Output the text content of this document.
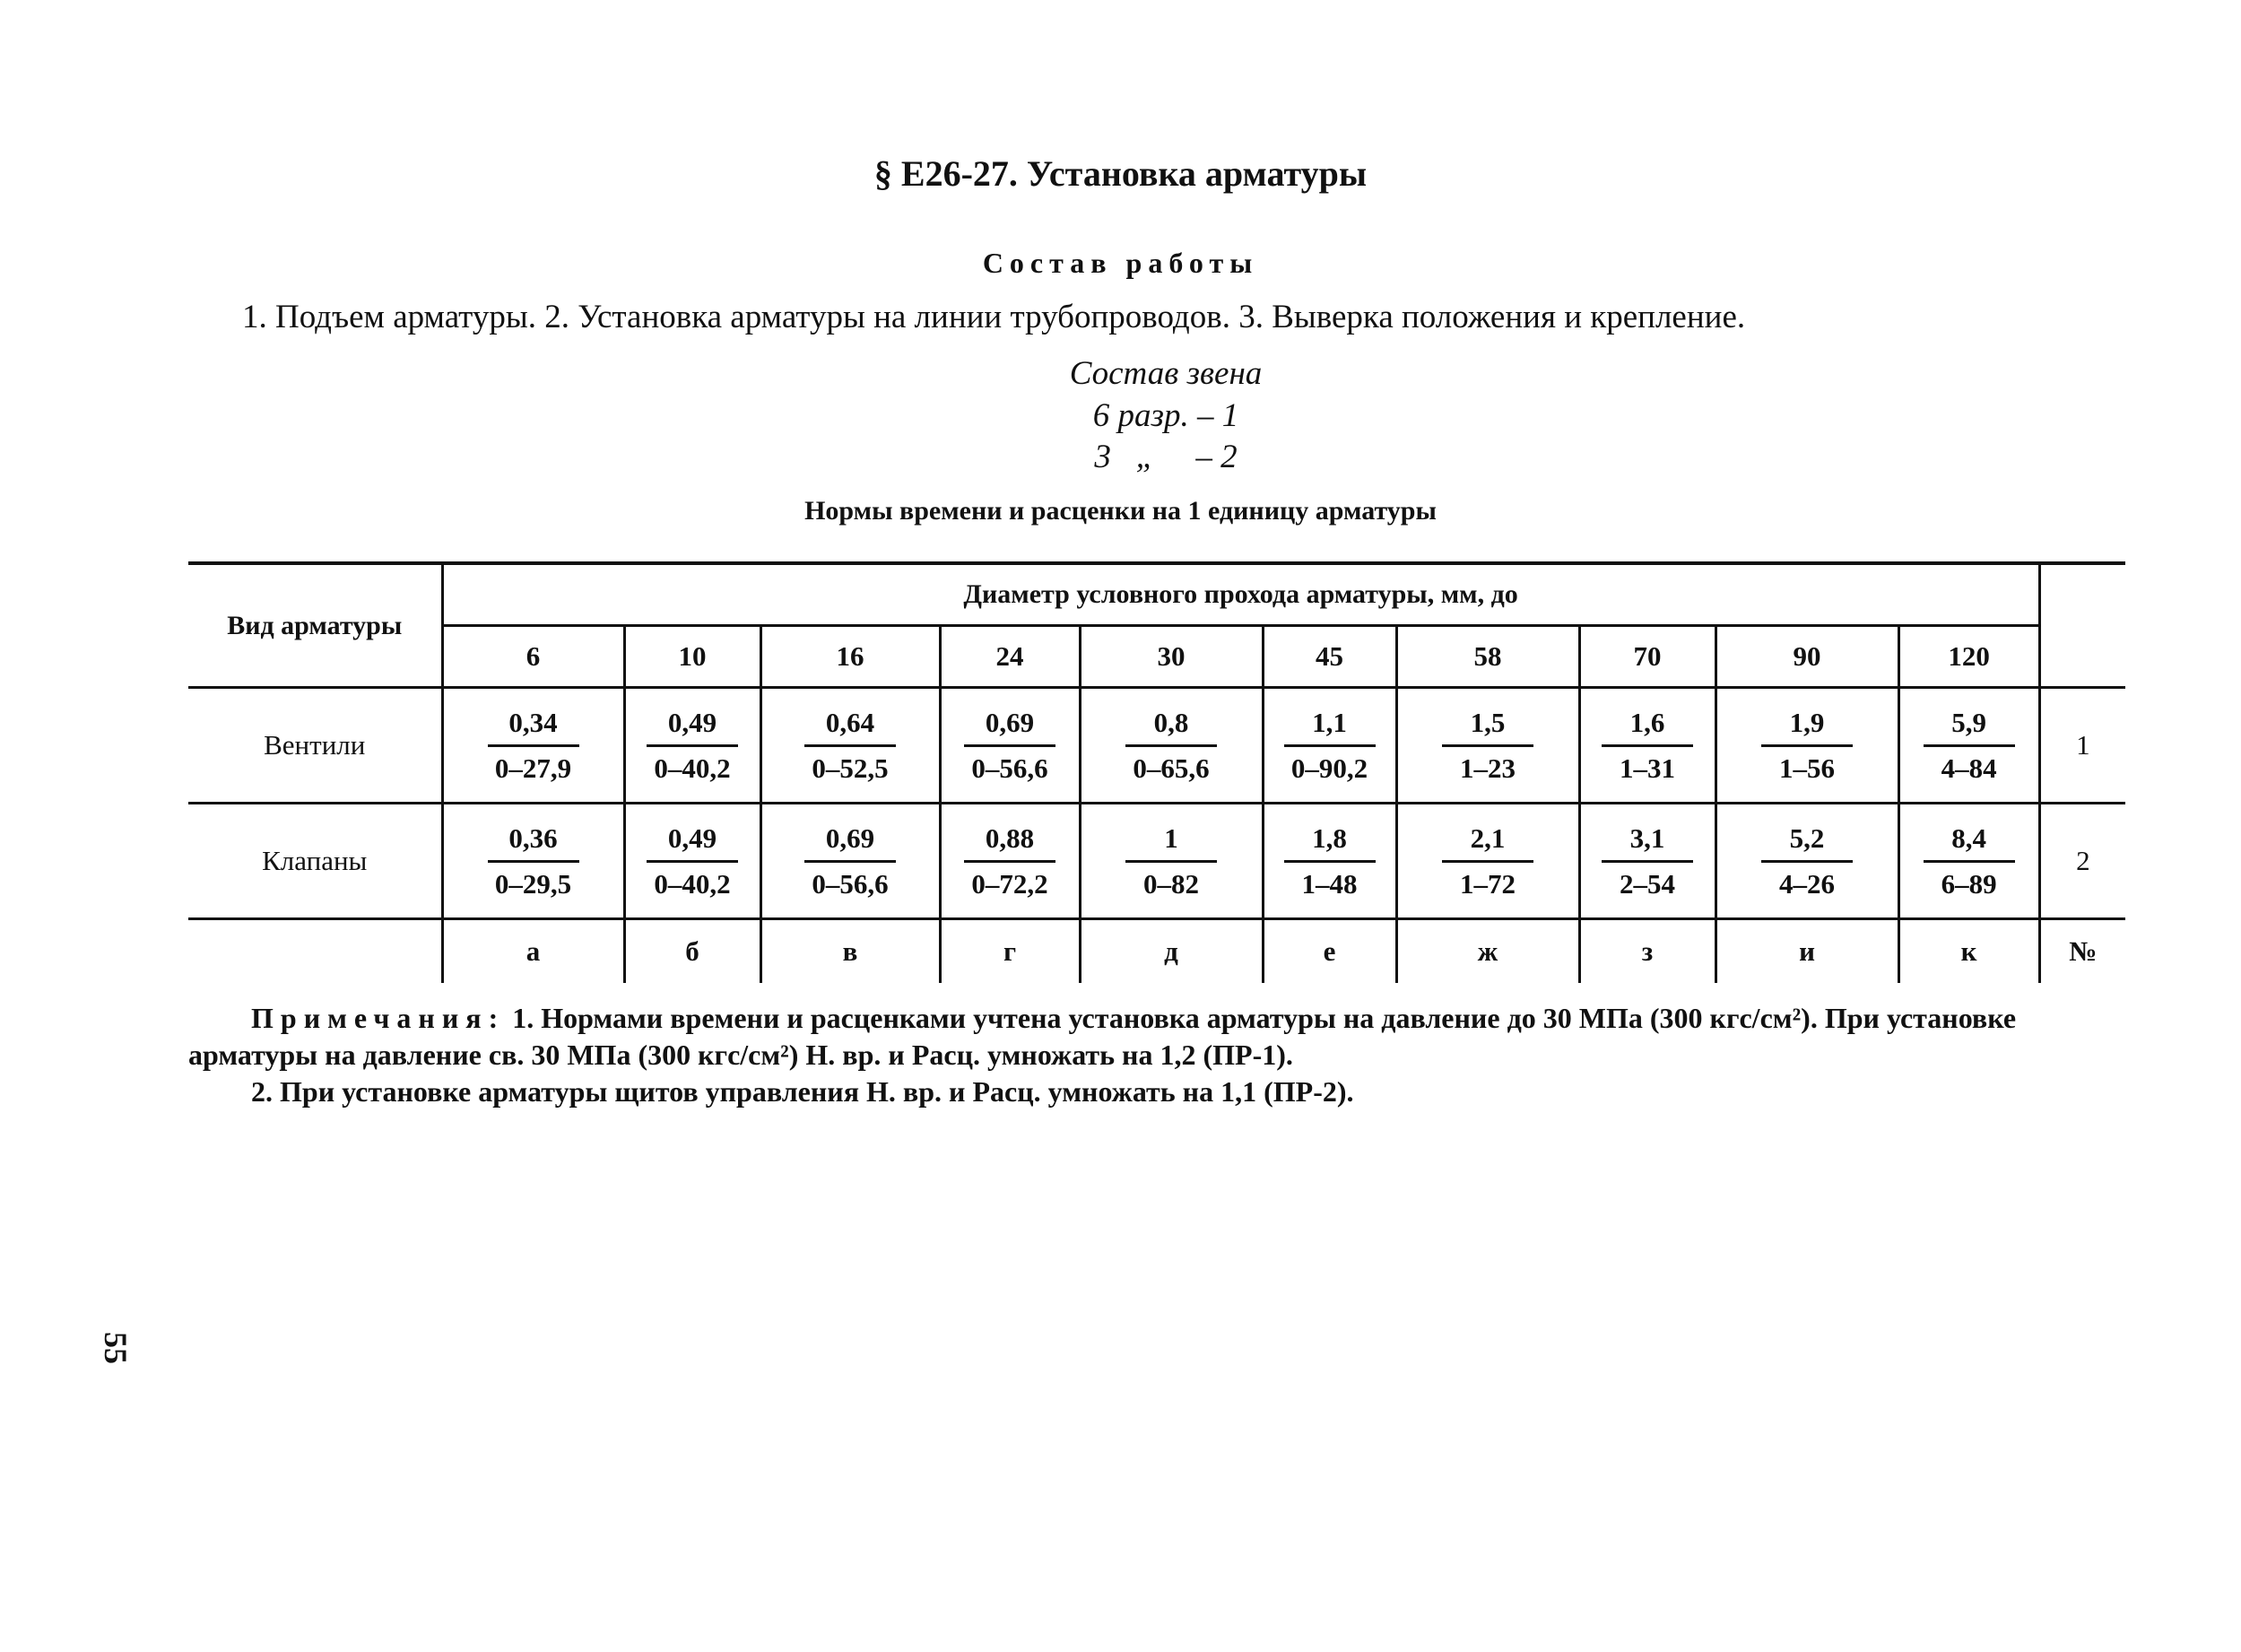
§ Е26-27. Установка арматуры
Состав работы
1. Подъем арматуры. 2. Установка арматуры на линии трубопроводов. 3. Выверка положения и крепление.
Состав звена
6 разр. – 1
3   „     – 2
Нормы времени и расценки на 1 единицу арматуры
Вид арматуры	Диаметр условного прохода арматуры, мм, до										
	6	10	16	24	30	45	58	70	90	120	
Вентили	$\frac{0,34}{0-27,9}$	$\frac{0,49}{0-40,2}$	$\frac{0,64}{0-52,5}$	$\frac{0,69}{0-56,6}$	$\frac{0,8}{0-65,6}$	$\frac{1,1}{0-90,2}$	$\frac{1,5}{1-23}$	$\frac{1,6}{1-31}$	$\frac{1,9}{1-56}$	$\frac{5,9}{4-84}$	1
Клапаны	$\frac{0,36}{0-29,5}$	$\frac{0,49}{0-40,2}$	$\frac{0,69}{0-56,6}$	$\frac{0,88}{0-72,2}$	$\frac{1}{0-82}$	$\frac{1,8}{1-48}$	$\frac{2,1}{1-72}$	$\frac{3,1}{2-54}$	$\frac{5,2}{4-26}$	$\frac{8,4}{6-89}$	2
	а	б	в	г	д	е	ж	з	и	к	№

Примечания: 1. Нормами времени и расценками учтена установка арматуры на давление до 30 МПа (300 кгс/см²). При установке арматуры на давление св. 30 МПа (300 кгс/см²) Н. вр. и Расц. умножать на 1,2 (ПР-1).

2. При установке арматуры щитов управления Н. вр. и Расц. умножать на 1,1 (ПР-2).

55
